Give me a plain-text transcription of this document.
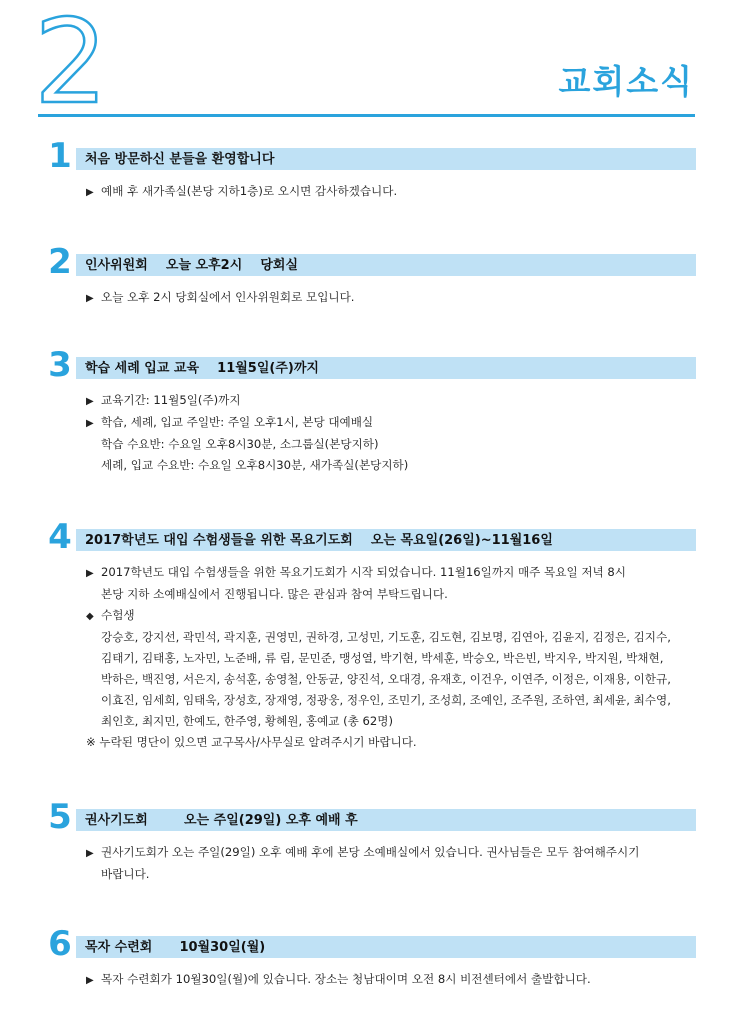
2	교회소식
1 처음 방문하신 분들을 환영합니다
▶ 예배 후 새가족실(본당 지하1층)로 오시면 감사하겠습니다.
2 인사위원회    오늘 오후2시    당회실
▶ 오늘 오후 2시 당회실에서 인사위원회로 모입니다.
3 학습 세례 입교 교육    11월5일(주)까지
▶ 교육기간: 11월5일(주)까지
▶ 학습, 세례, 입교 주일반: 주일 오후1시, 본당 대예배실
학습 수요반: 수요일 오후8시30분, 소그룹실(본당지하)
세례, 입교 수요반: 수요일 오후8시30분, 새가족실(본당지하)
4 2017학년도 대입 수험생들을 위한 목요기도회    오는 목요일(26일)~11월16일
▶ 2017학년도 대입 수험생들을 위한 목요기도회가 시작 되었습니다. 11월16일까지 매주 목요일 저녁 8시
본당 지하 소예배실에서 진행됩니다. 많은 관심과 참여 부탁드립니다.
◆ 수험생
강승호, 강지선, 곽민석, 곽지훈, 권영민, 권하경, 고성민, 기도훈, 김도현, 김보명, 김연아, 김윤지, 김정은, 김지수,
김태기, 김태홍, 노자민, 노준배, 류 림, 문민준, 맹성열, 박기현, 박세훈, 박승오, 박은빈, 박지우, 박지원, 박채현,
박하은, 백진영, 서은지, 송석훈, 송영철, 안동균, 양진석, 오대경, 유재호, 이건우, 이연주, 이정은, 이재용, 이한규,
이효진, 임세희, 임태욱, 장성호, 장재영, 정광웅, 정우인, 조민기, 조성희, 조예인, 조주원, 조하연, 최세윤, 최수영,
최인호, 최지민, 한예도, 한주영, 황혜원, 홍예교 (총 62명)
※ 누락된 명단이 있으면 교구목사/사무실로 알려주시기 바랍니다.
5 권사기도회        오는 주일(29일) 오후 예배 후
▶ 권사기도회가 오는 주일(29일) 오후 예배 후에 본당 소예배실에서 있습니다. 권사님들은 모두 참여해주시기
바랍니다.
6 목자 수련회      10월30일(월)
▶ 목자 수련회가 10월30일(월)에 있습니다. 장소는 청남대이며 오전 8시 비전센터에서 출발합니다.
